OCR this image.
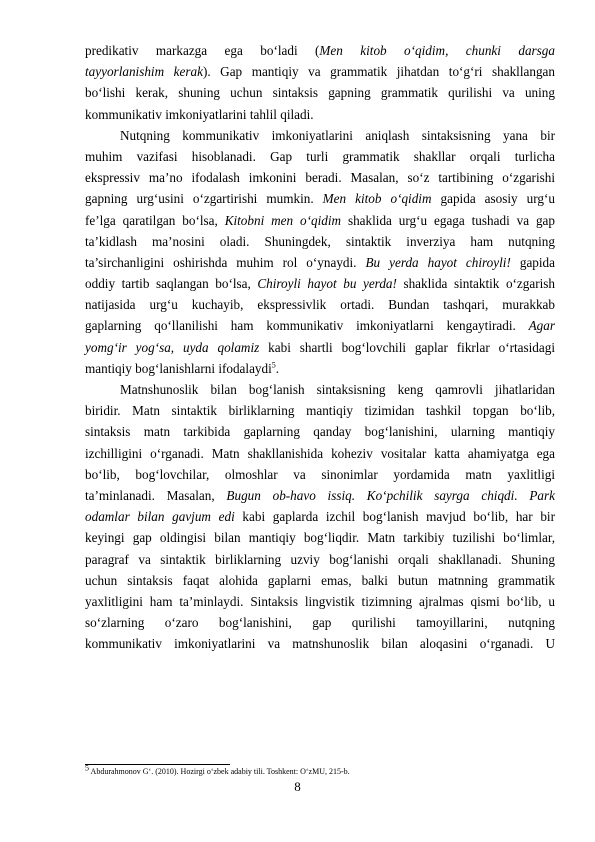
predikativ markazga ega bo‘ladi (Men kitob o‘qidim, chunki darsga
tayyorlanishim kerak). Gap mantiqiy va grammatik jihatdan to‘g‘ri shakllangan
bo‘lishi kerak, shuning uchun sintaksis gapning grammatik qurilishi va uning
kommunikativ imkoniyatlarini tahlil qiladi.
Nutqning kommunikativ imkoniyatlarini aniqlash sintaksisning yana bir
muhim vazifasi hisoblanadi. Gap turli grammatik shakllar orqali turlicha
ekspressiv ma’no ifodalash imkonini beradi. Masalan, so‘z tartibining o‘zgarishi
gapning urg‘usini o‘zgartirishi mumkin. Men kitob o‘qidim gapida asosiy urg‘u
fe’lga qaratilgan bo‘lsa, Kitobni men o‘qidim shaklida urg‘u egaga tushadi va gap
ta’kidlash ma’nosini oladi. Shuningdek, sintaktik inverziya ham nutqning
ta’sirchanligini oshirishda muhim rol o‘ynaydi. Bu yerda hayot chiroyli! gapida
oddiy tartib saqlangan bo‘lsa, Chiroyli hayot bu yerda! shaklida sintaktik o‘zgarish
natijasida urg‘u kuchayib, ekspressivlik ortadi. Bundan tashqari, murakkab
gaplarning qo‘llanilishi ham kommunikativ imkoniyatlarni kengaytiradi. Agar
yomg‘ir yog‘sa, uyda qolamiz kabi shartli bog‘lovchili gaplar fikrlar o‘rtasidagi
mantiqiy bog‘lanishlarni ifodalaydi$^5$.
Matnshunoslik bilan bog‘lanish sintaksisning keng qamrovli jihatlaridan
biridir. Matn sintaktik birliklarning mantiqiy tizimidan tashkil topgan bo‘lib,
sintaksis matn tarkibida gaplarning qanday bog‘lanishini, ularning mantiqiy
izchilligini o‘rganadi. Matn shakllanishida koheziv vositalar katta ahamiyatga ega
bo‘lib, bog‘lovchilar, olmoshlar va sinonimlar yordamida matn yaxlitligi
ta’minlanadi. Masalan, Bugun ob-havo issiq. Ko‘pchilik sayrga chiqdi. Park
odamlar bilan gavjum edi kabi gaplarda izchil bog‘lanish mavjud bo‘lib, har bir
keyingi gap oldingisi bilan mantiqiy bog‘liqdir. Matn tarkibiy tuzilishi bo‘limlar,
paragraf va sintaktik birliklarning uzviy bog‘lanishi orqali shakllanadi. Shuning
uchun sintaksis faqat alohida gaplarni emas, balki butun matnning grammatik
yaxlitligini ham ta’minlaydi. Sintaksis lingvistik tizimning ajralmas qismi bo‘lib, u
so‘zlarning o‘zaro bog‘lanishini, gap qurilishi tamoyillarini, nutqning
kommunikativ imkoniyatlarini va matnshunoslik bilan aloqasini o‘rganadi. U
$^5$ Abdurahmonov G‘. (2010). Hozirgi o‘zbek adabiy tili. Toshkent: O‘zMU, 215-b.
8
